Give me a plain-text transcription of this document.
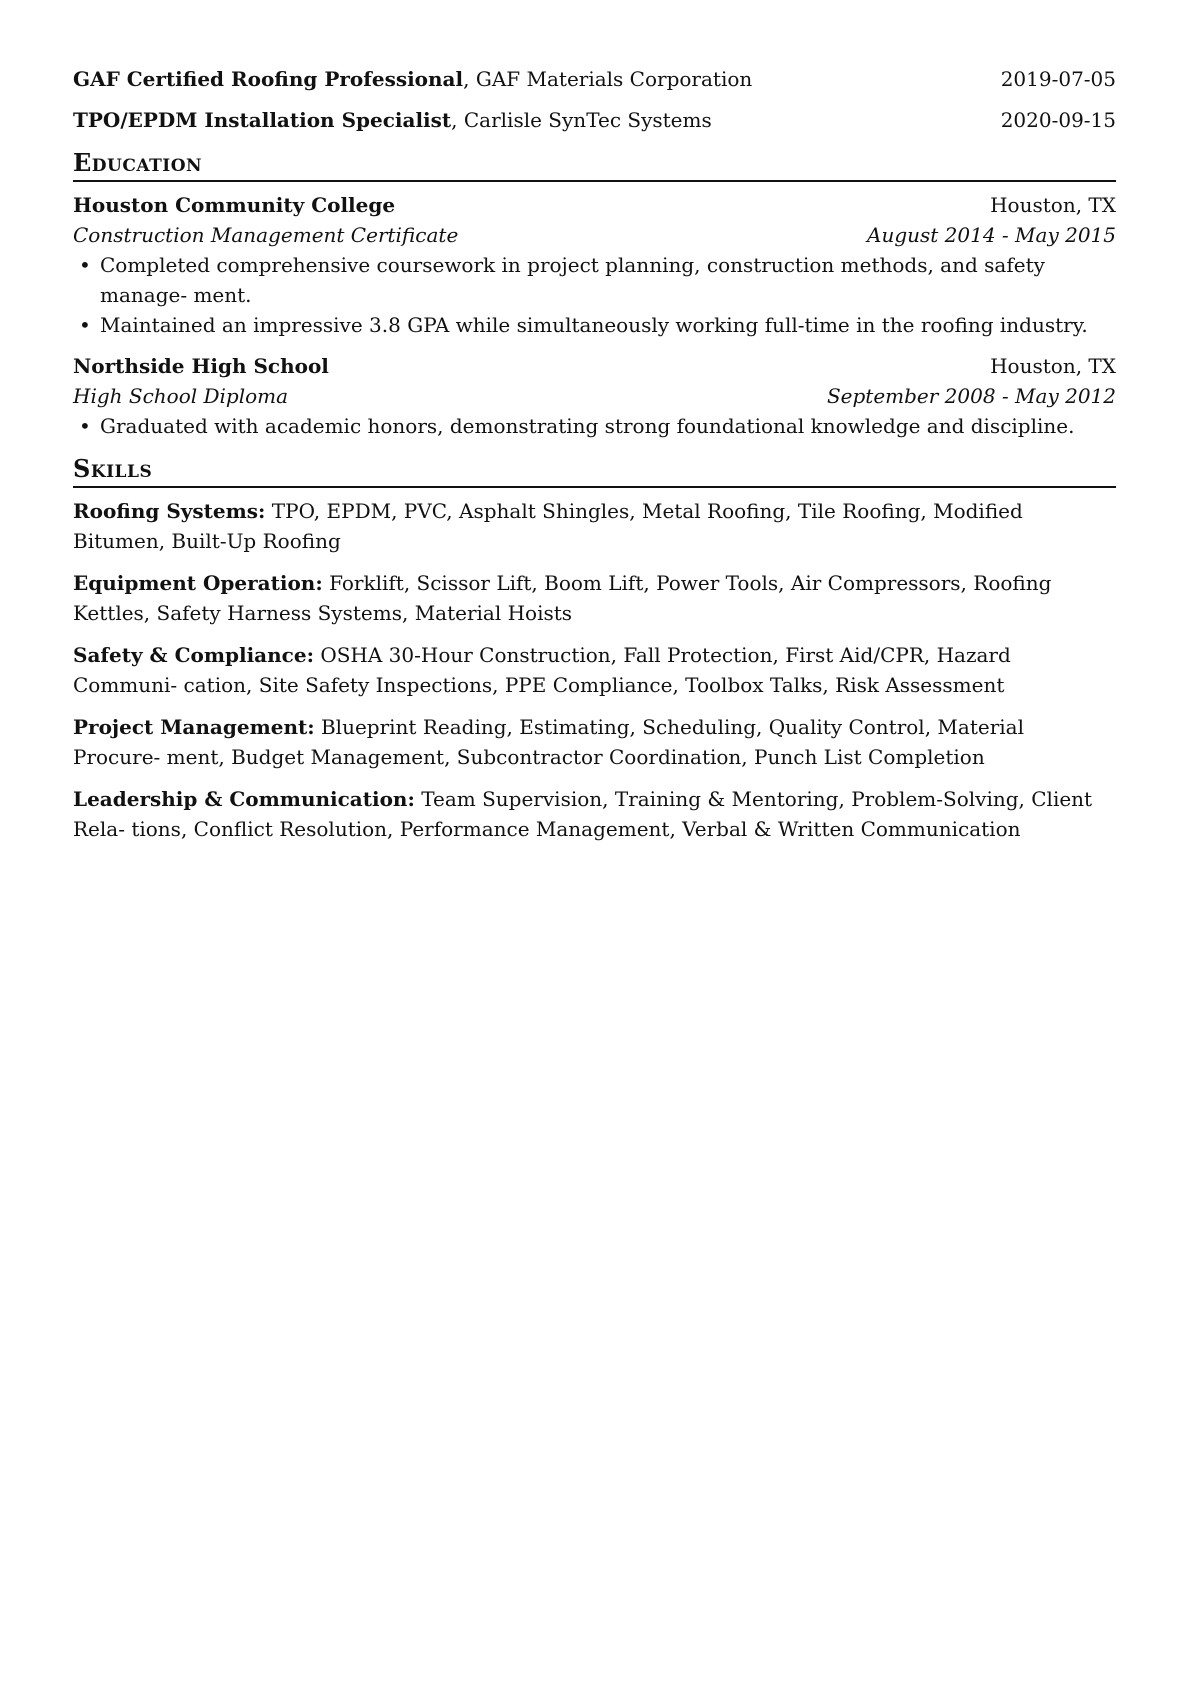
GAF Certified Roofing Professional, GAF Materials Corporation	2019-07-05
TPO/EPDM Installation Specialist, Carlisle SynTec Systems	2020-09-15
Education
Houston Community College	Houston, TX
Construction Management Certificate	August 2014 - May 2015
• Completed comprehensive coursework in project planning, construction methods, and safety manage- ment.
• Maintained an impressive 3.8 GPA while simultaneously working full-time in the roofing industry.
Northside High School	Houston, TX
High School Diploma	September 2008 - May 2012
• Graduated with academic honors, demonstrating strong foundational knowledge and discipline.
Skills
Roofing Systems: TPO, EPDM, PVC, Asphalt Shingles, Metal Roofing, Tile Roofing, Modified Bitumen, Built-Up Roofing
Equipment Operation: Forklift, Scissor Lift, Boom Lift, Power Tools, Air Compressors, Roofing Kettles, Safety Harness Systems, Material Hoists
Safety & Compliance: OSHA 30-Hour Construction, Fall Protection, First Aid/CPR, Hazard Communi- cation, Site Safety Inspections, PPE Compliance, Toolbox Talks, Risk Assessment
Project Management: Blueprint Reading, Estimating, Scheduling, Quality Control, Material Procure- ment, Budget Management, Subcontractor Coordination, Punch List Completion
Leadership & Communication: Team Supervision, Training & Mentoring, Problem-Solving, Client Rela- tions, Conflict Resolution, Performance Management, Verbal & Written Communication
